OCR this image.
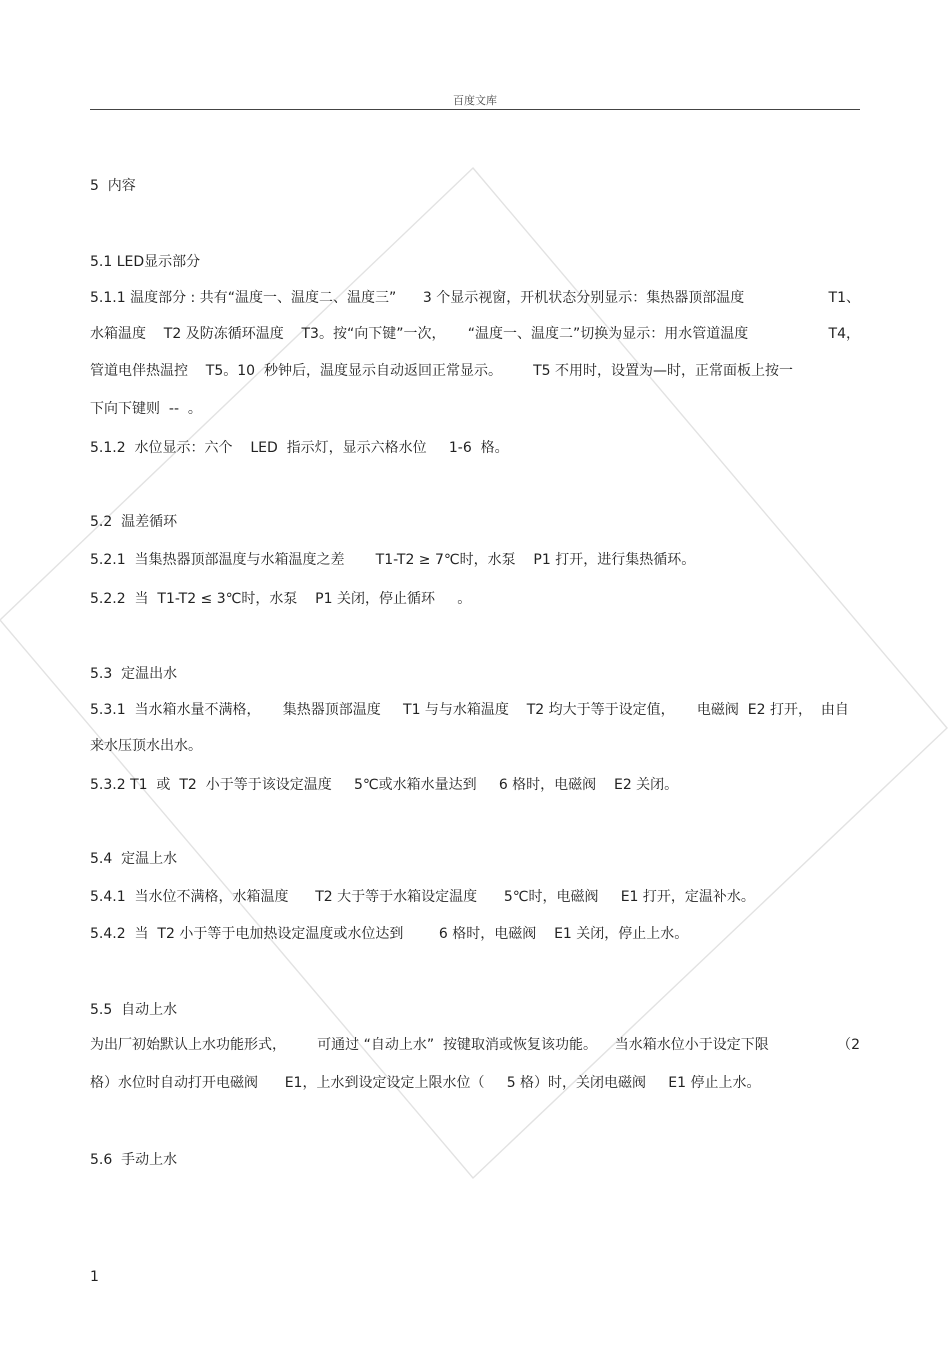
百度文库
5  内容
5.1 LED显示部分
5.1.1 温度部分 : 共有“温度一、温度二、温度三”      3 个显示视窗，开机状态分别显示：集热器顶部温度	T1、
水箱温度    T2 及防冻循环温度    T3。按“向下键”一次，     “温度一、温度二”切换为显示：用水管道温度	T4，
管道电伴热温控    T5。10  秒钟后，温度显示自动返回正常显示。       T5 不用时，设置为—时，正常面板上按一
下向下键则  --  。
5.1.2  水位显示：六个    LED  指示灯，显示六格水位     1-6  格。
5.2  温差循环
5.2.1  当集热器顶部温度与水箱温度之差       T1-T2 ≥ 7℃时，水泵    P1 打开，进行集热循环。
5.2.2  当  T1-T2 ≤ 3℃时，水泵    P1 关闭，停止循环     。
5.3  定温出水
5.3.1  当水箱水量不满格，     集热器顶部温度     T1 与与水箱温度    T2 均大于等于设定值，     电磁阀  E2 打开，  由自
来水压顶水出水。
5.3.2 T1  或  T2  小于等于该设定温度     5℃或水箱水量达到     6 格时，电磁阀    E2 关闭。
5.4  定温上水
5.4.1  当水位不满格，水箱温度      T2 大于等于水箱设定温度      5℃时，电磁阀     E1 打开，定温补水。
5.4.2  当  T2 小于等于电加热设定温度或水位达到        6 格时，电磁阀    E1 关闭，停止上水。
5.5  自动上水
为出厂初始默认上水功能形式，       可通过 “自动上水”  按键取消或恢复该功能。    当水箱水位小于设定下限	（2
格）水位时自动打开电磁阀      E1，上水到设定设定上限水位（     5 格）时，关闭电磁阀     E1 停止上水。
5.6  手动上水
1
